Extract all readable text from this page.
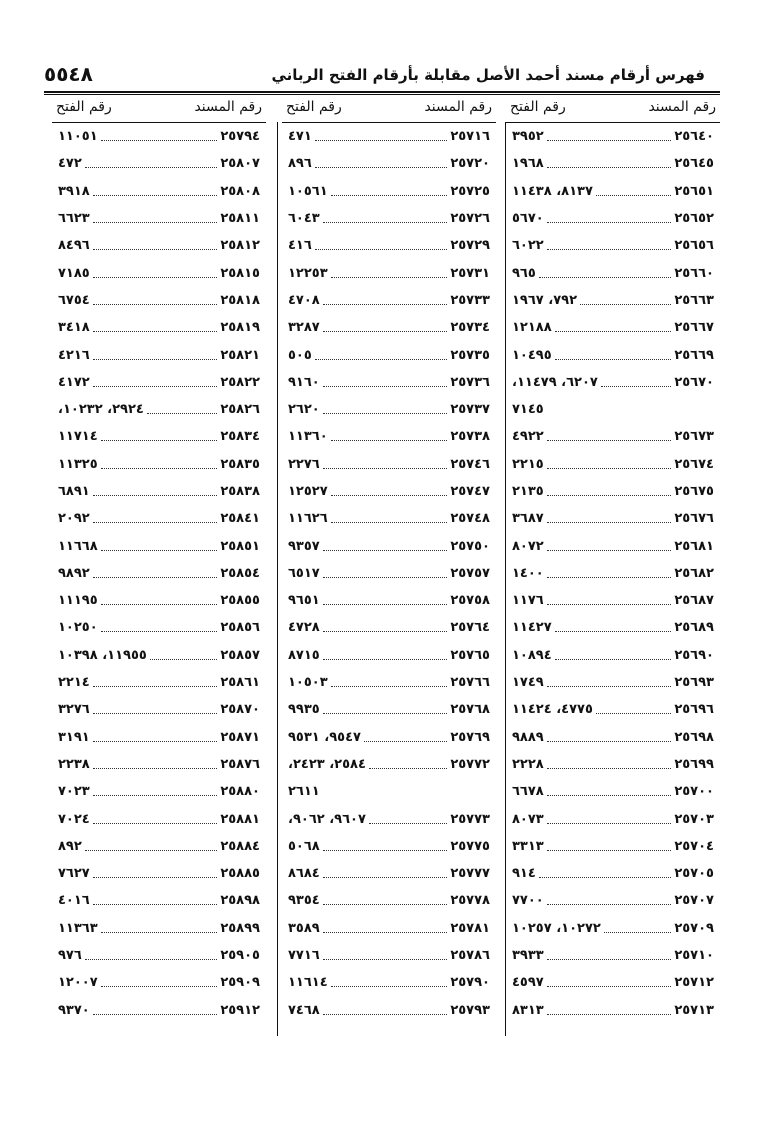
فهرس أرقام مسند أحمد الأصل مقابلة بأرقام الفتح الرباني
٥٥٤٨
رقم المسند
رقم الفتح
٢٥٦٤٠
٣٩٥٢
٢٥٦٤٥
١٩٦٨
٢٥٦٥١
٨١٣٧، ١١٤٣٨
٢٥٦٥٢
٥٦٧٠
٢٥٦٥٦
٦٠٢٢
٢٥٦٦٠
٩٦٥
٢٥٦٦٣
٧٩٢، ١٩٦٧
٢٥٦٦٧
١٢١٨٨
٢٥٦٦٩
١٠٤٩٥
٢٥٦٧٠
٦٢٠٧، ١١٤٧٩،
٧١٤٥
٢٥٦٧٣
٤٩٢٢
٢٥٦٧٤
٢٢١٥
٢٥٦٧٥
٢١٣٥
٢٥٦٧٦
٣٦٨٧
٢٥٦٨١
٨٠٧٢
٢٥٦٨٢
١٤٠٠
٢٥٦٨٧
١١٧٦
٢٥٦٨٩
١١٤٢٧
٢٥٦٩٠
١٠٨٩٤
٢٥٦٩٣
١٧٤٩
٢٥٦٩٦
٤٧٧٥، ١١٤٢٤
٢٥٦٩٨
٩٨٨٩
٢٥٦٩٩
٢٢٢٨
٢٥٧٠٠
٦٦٧٨
٢٥٧٠٣
٨٠٧٣
٢٥٧٠٤
٣٣١٣
٢٥٧٠٥
٩١٤
٢٥٧٠٧
٧٧٠٠
٢٥٧٠٩
١٠٢٧٢، ١٠٢٥٧
٢٥٧١٠
٣٩٣٣
٢٥٧١٢
٤٥٩٧
٢٥٧١٣
٨٣١٣
رقم المسند
رقم الفتح
٢٥٧١٦
٤٧١
٢٥٧٢٠
٨٩٦
٢٥٧٢٥
١٠٥٦١
٢٥٧٢٦
٦٠٤٣
٢٥٧٢٩
٤١٦
٢٥٧٣١
١٢٢٥٣
٢٥٧٣٣
٤٧٠٨
٢٥٧٣٤
٣٢٨٧
٢٥٧٣٥
٥٠٥
٢٥٧٣٦
٩١٦٠
٢٥٧٣٧
٢٦٢٠
٢٥٧٣٨
١١٣٦٠
٢٥٧٤٦
٢٢٧٦
٢٥٧٤٧
١٢٥٢٧
٢٥٧٤٨
١١٦٢٦
٢٥٧٥٠
٩٣٥٧
٢٥٧٥٧
٦٥١٧
٢٥٧٥٨
٩٦٥١
٢٥٧٦٤
٤٧٢٨
٢٥٧٦٥
٨٧١٥
٢٥٧٦٦
١٠٥٠٣
٢٥٧٦٨
٩٩٣٥
٢٥٧٦٩
٩٥٤٧، ٩٥٣١
٢٥٧٧٢
٢٥٨٤، ٢٤٢٣،
٢٦١١
٢٥٧٧٣
٩٦٠٧، ٩٠٦٢،
٢٥٧٧٥
٥٠٦٨
٢٥٧٧٧
٨٦٨٤
٢٥٧٧٨
٩٣٥٤
٢٥٧٨١
٣٥٨٩
٢٥٧٨٦
٧٧١٦
٢٥٧٩٠
١١٦١٤
٢٥٧٩٣
٧٤٦٨
رقم المسند
رقم الفتح
٢٥٧٩٤
١١٠٥١
٢٥٨٠٧
٤٧٢
٢٥٨٠٨
٣٩١٨
٢٥٨١١
٦٦٢٣
٢٥٨١٢
٨٤٩٦
٢٥٨١٥
٧١٨٥
٢٥٨١٨
٦٧٥٤
٢٥٨١٩
٣٤١٨
٢٥٨٢١
٤٢١٦
٢٥٨٢٢
٤١٧٢
٢٥٨٢٦
٢٩٢٤، ١٠٢٣٢،
٢٥٨٣٤
١١٧١٤
٢٥٨٣٥
١١٣٢٥
٢٥٨٣٨
٦٨٩١
٢٥٨٤١
٢٠٩٢
٢٥٨٥١
١١٦٦٨
٢٥٨٥٤
٩٨٩٢
٢٥٨٥٥
١١١٩٥
٢٥٨٥٦
١٠٢٥٠
٢٥٨٥٧
١١٩٥٥، ١٠٣٩٨
٢٥٨٦١
٢٢١٤
٢٥٨٧٠
٣٢٧٦
٢٥٨٧١
٣١٩١
٢٥٨٧٦
٢٢٣٨
٢٥٨٨٠
٧٠٢٣
٢٥٨٨١
٧٠٢٤
٢٥٨٨٤
٨٩٢
٢٥٨٨٥
٧٦٢٧
٢٥٨٩٨
٤٠١٦
٢٥٨٩٩
١١٣٦٣
٢٥٩٠٥
٩٧٦
٢٥٩٠٩
١٢٠٠٧
٢٥٩١٢
٩٣٧٠
